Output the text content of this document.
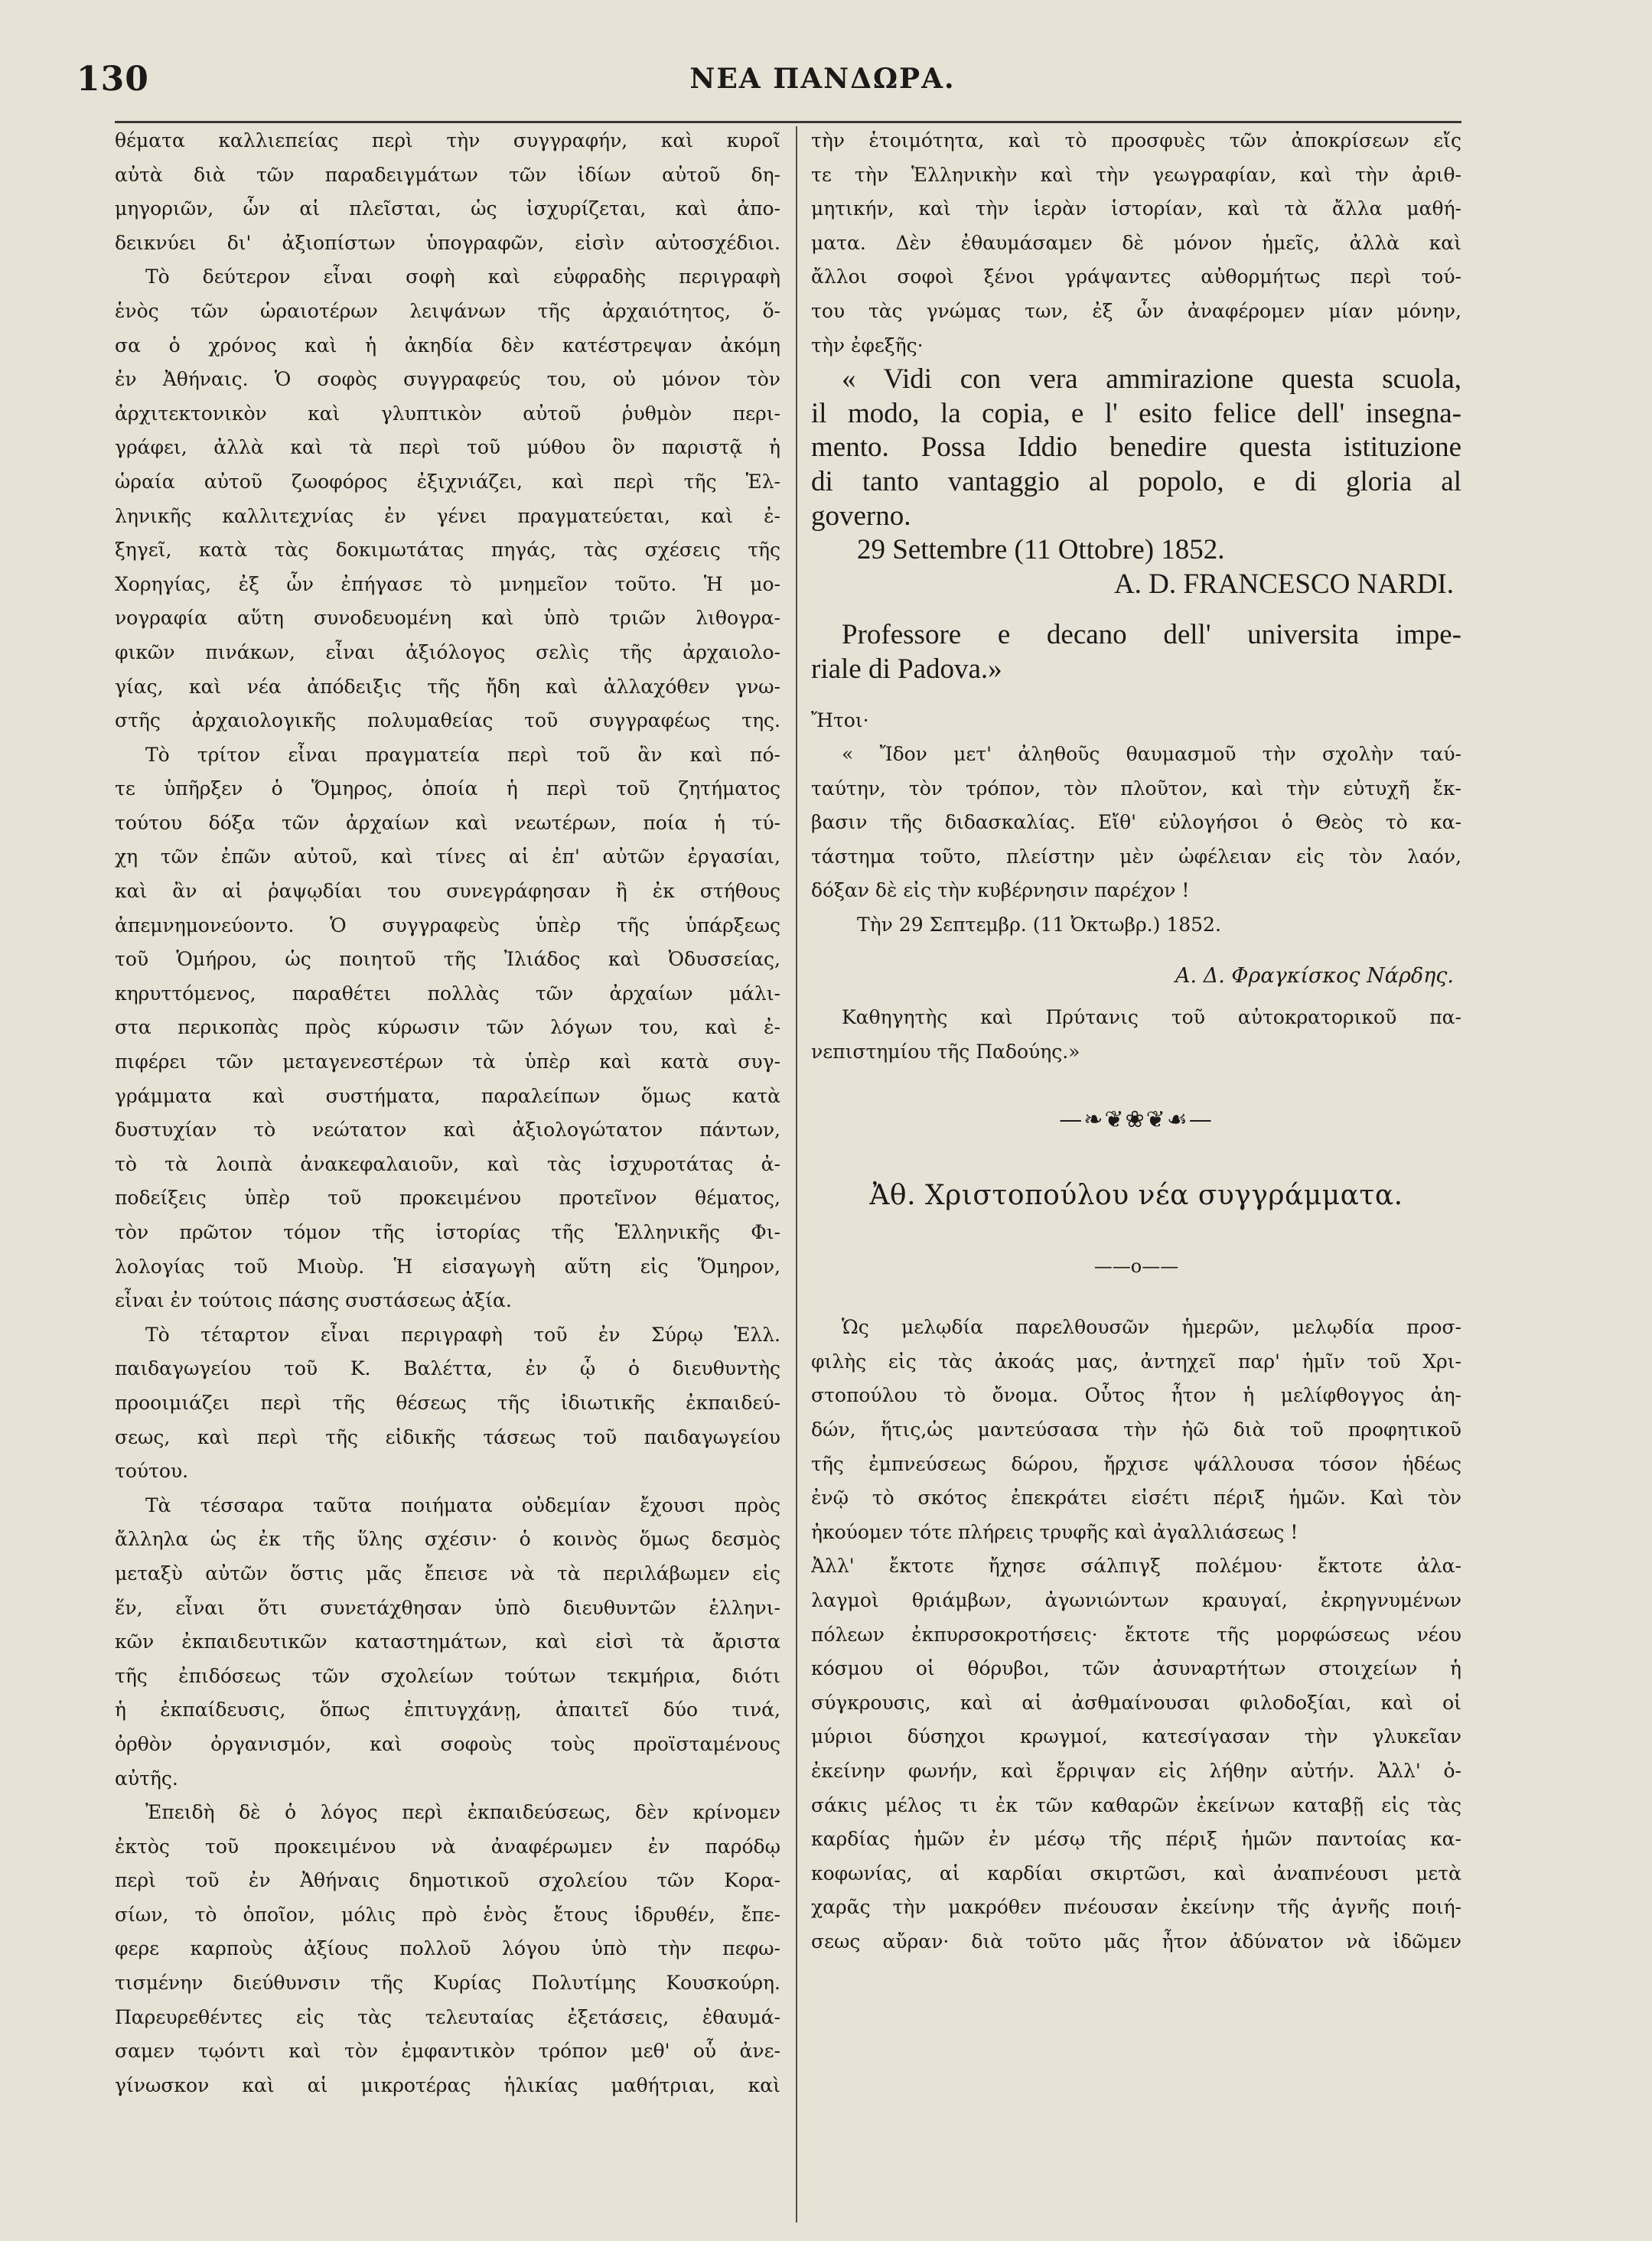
130	ΝΕΑ ΠΑΝΔΩΡΑ.

θέματα καλλιεπείας περὶ τὴν συγγραφήν, καὶ κυροῖ

αὐτὰ διὰ τῶν παραδειγμάτων τῶν ἰδίων αὐτοῦ δη-

μηγοριῶν, ὧν αἱ πλεῖσται, ὡς ἰσχυρίζεται, καὶ ἀπο-

δεικνύει δι' ἀξιοπίστων ὑπογραφῶν, εἰσὶν αὐτοσχέδιοι.

Τὸ δεύτερον εἶναι σοφὴ καὶ εὐφραδὴς περιγραφὴ

ἑνὸς τῶν ὡραιοτέρων λειψάνων τῆς ἀρχαιότητος, ὅ-

σα ὁ χρόνος καὶ ἡ ἀκηδία δὲν κατέστρεψαν ἀκόμη

ἐν Ἀθήναις. Ὁ σοφὸς συγγραφεύς του, οὐ μόνον τὸν

ἀρχιτεκτονικὸν καὶ γλυπτικὸν αὐτοῦ ῥυθμὸν περι-

γράφει, ἀλλὰ καὶ τὰ περὶ τοῦ μύθου ὃν παριστᾷ ἡ

ὡραία αὐτοῦ ζωοφόρος ἐξιχνιάζει, καὶ περὶ τῆς Ἑλ-

ληνικῆς καλλιτεχνίας ἐν γένει πραγματεύεται, καὶ ἐ-

ξηγεῖ, κατὰ τὰς δοκιμωτάτας πηγάς, τὰς σχέσεις τῆς

Χορηγίας, ἐξ ὧν ἐπήγασε τὸ μνημεῖον τοῦτο. Ἡ μο-

νογραφία αὕτη συνοδευομένη καὶ ὑπὸ τριῶν λιθογρα-

φικῶν πινάκων, εἶναι ἀξιόλογος σελὶς τῆς ἀρχαιολο-

γίας, καὶ νέα ἀπόδειξις τῆς ἤδη καὶ ἀλλαχόθεν γνω-

στῆς ἀρχαιολογικῆς πολυμαθείας τοῦ συγγραφέως της.

Τὸ τρίτον εἶναι πραγματεία περὶ τοῦ ἂν καὶ πό-

τε ὑπῆρξεν ὁ Ὅμηρος, ὁποία ἡ περὶ τοῦ ζητήματος

τούτου δόξα τῶν ἀρχαίων καὶ νεωτέρων, ποία ἡ τύ-

χη τῶν ἐπῶν αὐτοῦ, καὶ τίνες αἱ ἐπ' αὐτῶν ἐργασίαι,

καὶ ἂν αἱ ῥαψῳδίαι του συνεγράφησαν ἢ ἐκ στήθους

ἀπεμνημονεύοντο. Ὁ συγγραφεὺς ὑπὲρ τῆς ὑπάρξεως

τοῦ Ὁμήρου, ὡς ποιητοῦ τῆς Ἰλιάδος καὶ Ὀδυσσείας,

κηρυττόμενος, παραθέτει πολλὰς τῶν ἀρχαίων μάλι-

στα περικοπὰς πρὸς κύρωσιν τῶν λόγων του, καὶ ἐ-

πιφέρει τῶν μεταγενεστέρων τὰ ὑπὲρ καὶ κατὰ συγ-

γράμματα καὶ συστήματα, παραλείπων ὅμως κατὰ

δυστυχίαν τὸ νεώτατον καὶ ἀξιολογώτατον πάντων,

τὸ τὰ λοιπὰ ἀνακεφαλαιοῦν, καὶ τὰς ἰσχυροτάτας ἀ-

ποδείξεις ὑπὲρ τοῦ προκειμένου προτεῖνον θέματος,

τὸν πρῶτον τόμον τῆς ἱστορίας τῆς Ἑλληνικῆς Φι-

λολογίας τοῦ Μιοὺρ. Ἡ εἰσαγωγὴ αὕτη εἰς Ὅμηρον,

εἶναι ἐν τούτοις πάσης συστάσεως ἀξία.

Τὸ τέταρτον εἶναι περιγραφὴ τοῦ ἐν Σύρῳ Ἑλλ.

παιδαγωγείου τοῦ Κ. Βαλέττα, ἐν ᾧ ὁ διευθυντὴς

προοιμιάζει περὶ τῆς θέσεως τῆς ἰδιωτικῆς ἐκπαιδεύ-

σεως, καὶ περὶ τῆς εἰδικῆς τάσεως τοῦ παιδαγωγείου

τούτου.

Τὰ τέσσαρα ταῦτα ποιήματα οὐδεμίαν ἔχουσι πρὸς

ἄλληλα ὡς ἐκ τῆς ὕλης σχέσιν· ὁ κοινὸς ὅμως δεσμὸς

μεταξὺ αὐτῶν ὅστις μᾶς ἔπεισε νὰ τὰ περιλάβωμεν εἰς

ἕν, εἶναι ὅτι συνετάχθησαν ὑπὸ διευθυντῶν ἑλληνι-

κῶν ἐκπαιδευτικῶν καταστημάτων, καὶ εἰσὶ τὰ ἄριστα

τῆς ἐπιδόσεως τῶν σχολείων τούτων τεκμήρια, διότι

ἡ ἐκπαίδευσις, ὅπως ἐπιτυγχάνῃ, ἀπαιτεῖ δύο τινά,

ὀρθὸν ὀργανισμόν, καὶ σοφοὺς τοὺς προϊσταμένους

αὐτῆς.

Ἐπειδὴ δὲ ὁ λόγος περὶ ἐκπαιδεύσεως, δὲν κρίνομεν

ἐκτὸς τοῦ προκειμένου νὰ ἀναφέρωμεν ἐν παρόδῳ

περὶ τοῦ ἐν Ἀθήναις δημοτικοῦ σχολείου τῶν Κορα-

σίων, τὸ ὁποῖον, μόλις πρὸ ἑνὸς ἔτους ἱδρυθέν, ἔπε-

φερε καρποὺς ἀξίους πολλοῦ λόγου ὑπὸ τὴν πεφω-

τισμένην διεύθυνσιν τῆς Κυρίας Πολυτίμης Κουσκούρη.

Παρευρεθέντες εἰς τὰς τελευταίας ἐξετάσεις, ἐθαυμά-

σαμεν τῳόντι καὶ τὸν ἐμφαντικὸν τρόπον μεθ' οὗ ἀνε-

γίνωσκον καὶ αἱ μικροτέρας ἡλικίας μαθήτριαι, καὶ

τὴν ἑτοιμότητα, καὶ τὸ προσφυὲς τῶν ἀποκρίσεων εἴς

τε τὴν Ἑλληνικὴν καὶ τὴν γεωγραφίαν, καὶ τὴν ἀριθ-

μητικήν, καὶ τὴν ἱερὰν ἱστορίαν, καὶ τὰ ἄλλα μαθή-

ματα. Δὲν ἐθαυμάσαμεν δὲ μόνον ἡμεῖς, ἀλλὰ καὶ

ἄλλοι σοφοὶ ξένοι γράψαντες αὐθορμήτως περὶ τού-

του τὰς γνώμας των, ἐξ ὧν ἀναφέρομεν μίαν μόνην,

τὴν ἐφεξῆς·

« Vidi con vera ammirazione questa scuola,

il modo, la copia, e l' esito felice dell' insegna-

mento. Possa Iddio benedire questa istituzione

di tanto vantaggio al popolo, e di gloria al

governo.

29 Settembre (11 Ottobre) 1852.
A. D. FRANCESCO NARDI.

Professore e decano dell' universita impe-

riale di Padova.»

Ἤτοι·

« Ἴδον μετ' ἀληθοῦς θαυμασμοῦ τὴν σχολὴν ταύ-

ταύτην, τὸν τρόπον, τὸν πλοῦτον, καὶ τὴν εὐτυχῆ ἔκ-

βασιν τῆς διδασκαλίας. Εἴθ' εὐλογήσοι ὁ Θεὸς τὸ κα-

τάστημα τοῦτο, πλείστην μὲν ὠφέλειαν εἰς τὸν λαόν,

δόξαν δὲ εἰς τὴν κυβέρνησιν παρέχον !

Τὴν 29 Σεπτεμβρ. (11 Ὀκτωβρ.) 1852.
Α. Δ. Φραγκίσκος Νάρδης.

Καθηγητὴς καὶ Πρύτανις τοῦ αὐτοκρατορικοῦ πα-

νεπιστημίου τῆς Παδούης.»

—❧❦❀❦☙—
Ἀθ. Χριστοπούλου νέα συγγράμματα.
——o——

Ὡς μελῳδία παρελθουσῶν ἡμερῶν, μελῳδία προσ-

φιλὴς εἰς τὰς ἀκοάς μας, ἀντηχεῖ παρ' ἡμῖν τοῦ Χρι-

στοπούλου τὸ ὄνομα. Οὗτος ἦτον ἡ μελίφθογγος ἀη-

δών, ἥτις,ὡς μαντεύσασα τὴν ἠῶ διὰ τοῦ προφητικοῦ

τῆς ἐμπνεύσεως δώρου, ἤρχισε ψάλλουσα τόσον ἡδέως

ἐνῷ τὸ σκότος ἐπεκράτει εἰσέτι πέριξ ἡμῶν. Καὶ τὸν

ἠκούομεν τότε πλήρεις τρυφῆς καὶ ἀγαλλιάσεως !

Ἀλλ' ἔκτοτε ἤχησε σάλπιγξ πολέμου· ἔκτοτε ἀλα-

λαγμοὶ θριάμβων, ἀγωνιώντων κραυγαί, ἐκρηγνυμένων

πόλεων ἐκπυρσοκροτήσεις· ἔκτοτε τῆς μορφώσεως νέου

κόσμου οἱ θόρυβοι, τῶν ἀσυναρτήτων στοιχείων ἡ

σύγκρουσις, καὶ αἱ ἀσθμαίνουσαι φιλοδοξίαι, καὶ οἱ

μύριοι δύσηχοι κρωγμοί, κατεσίγασαν τὴν γλυκεῖαν

ἐκείνην φωνήν, καὶ ἔρριψαν εἰς λήθην αὐτήν. Ἀλλ' ὁ-

σάκις μέλος τι ἐκ τῶν καθαρῶν ἐκείνων καταβῇ εἰς τὰς

καρδίας ἡμῶν ἐν μέσῳ τῆς πέριξ ἡμῶν παντοίας κα-

κοφωνίας, αἱ καρδίαι σκιρτῶσι, καὶ ἀναπνέουσι μετὰ

χαρᾶς τὴν μακρόθεν πνέουσαν ἐκείνην τῆς ἁγνῆς ποιή-

σεως αὔραν· διὰ τοῦτο μᾶς ἦτον ἀδύνατον νὰ ἰδῶμεν
